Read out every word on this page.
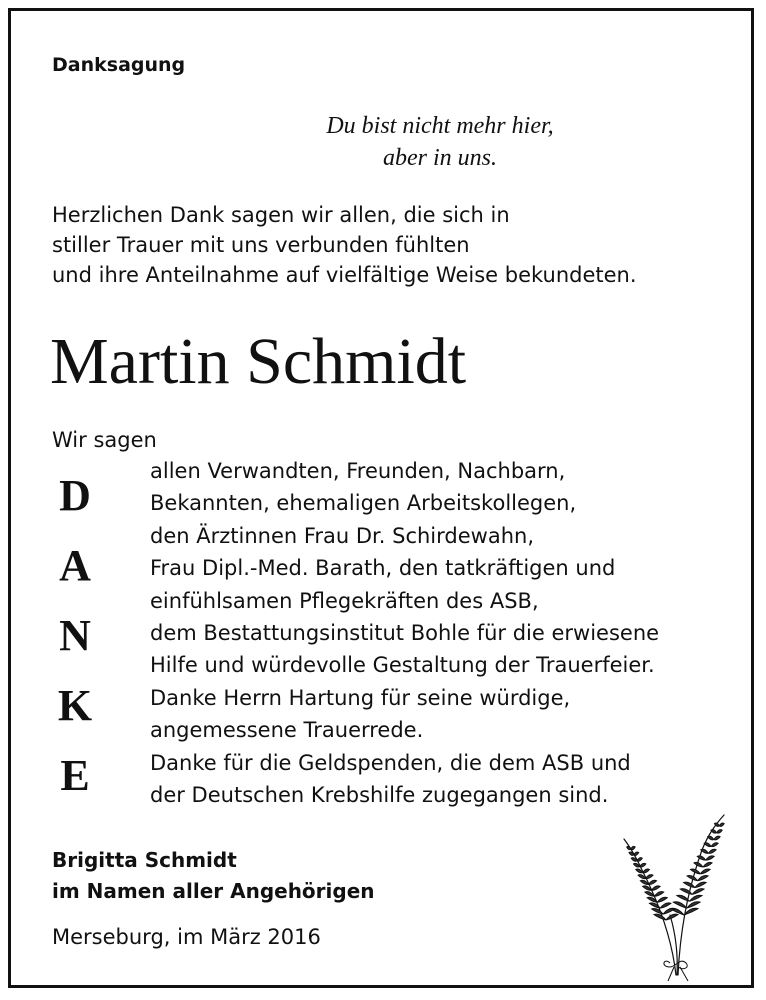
Danksagung
Du bist nicht mehr hier,
aber in uns.
Herzlichen Dank sagen wir allen, die sich in
stiller Trauer mit uns verbunden fühlten
und ihre Anteilnahme auf vielfältige Weise bekundeten.
Martin Schmidt
Wir sagen
D
A
N
K
E
allen Verwandten, Freunden, Nachbarn,
Bekannten, ehemaligen Arbeitskollegen,
den Ärztinnen Frau Dr. Schirdewahn,
Frau Dipl.-Med. Barath, den tatkräftigen und
einfühlsamen Pflegekräften des ASB,
dem Bestattungsinstitut Bohle für die erwiesene
Hilfe und würdevolle Gestaltung der Trauerfeier.
Danke Herrn Hartung für seine würdige,
angemessene Trauerrede.
Danke für die Geldspenden, die dem ASB und
der Deutschen Krebshilfe zugegangen sind.
Brigitta Schmidt
im Namen aller Angehörigen
Merseburg, im März 2016
